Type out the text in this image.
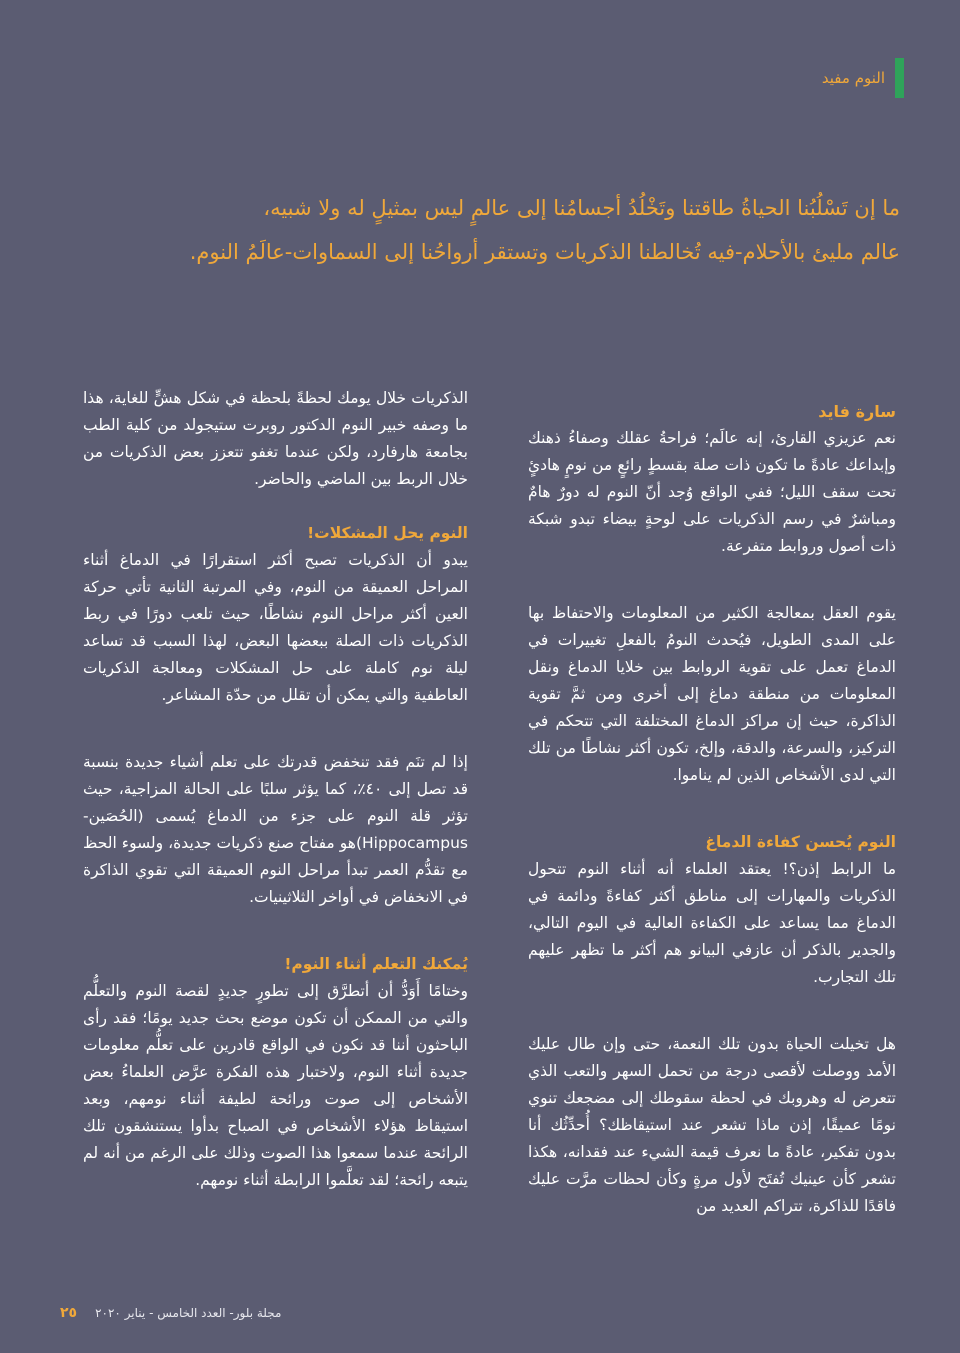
النوم مفيد

ما إن تَسْلُبُنا الحياةُ طاقتنا وتَخْلُدُ أجسامُنا إلى عالمٍ ليس بمثيلٍ له ولا شبيه،

عالم مليئ بالأحلام-فيه تُخالطنا الذكريات وتستقر أرواحُنا إلى السماوات-عالَمُ النوم.

سارة فايد

نعم عزيزي القارئ، إنه عالَم؛ فراحةُ عقلك وصفاءُ ذهنك وإبداعك عادةً ما تكون ذات صلة بقسطٍ رائعٍ من نومٍ هادئٍ تحت سقف الليل؛ ففي الواقع وُجد أنّ النوم له دورٌ هامٌ ومباشرٌ في رسم الذكريات على لوحةٍ بيضاء تبدو شبكة ذات أصول وروابط متفرعة.

يقوم العقل بمعالجة الكثير من المعلومات والاحتفاظ بها على المدى الطويل، فيُحدث النومُ بالفعلِ تغييرات في الدماغ تعمل على تقوية الروابط بين خلايا الدماغ ونقل المعلومات من منطقة دماغ إلى أخرى ومن ثمَّ تقوية الذاكرة، حيث إن مراكز الدماغ المختلفة التي تتحكم في التركيز، والسرعة، والدقة، وإلخ، تكون أكثر نشاطًا من تلك التي لدى الأشخاص الذين لم يناموا.

النوم يُحسن كفاءة الدماغ

ما الرابط إذن؟! يعتقد العلماء أنه أثناء النوم تتحول الذكريات والمهارات إلى مناطق أكثر كفاءةً ودائمة في الدماغ مما يساعد على الكفاءة العالية في اليوم التالي، والجدير بالذكر أن عازفي البيانو هم أكثر ما تظهر عليهم تلك التجارب.

هل تخيلت الحياة بدون تلك النعمة، حتى وإن طال عليك الأمد ووصلت لأقصى درجة من تحمل السهر والتعب الذي تتعرض له وهروبك في لحظة سقوطك إلى مضجعك تنوي نومًا عميقًا، إذن ماذا تشعر عند استيقاظك؟ أُحدِّثُك أنا بدون تفكير، عادةً ما نعرف قيمة الشيء عند فقدانه، هكذا تشعر كأن عينيك تُفتَح لأول مرةٍ وكأن لحظات مرَّت عليك فاقدًا للذاكرة، تتراكم العديد من

الذكريات خلال يومك لحظةً بلحظة في شكل هشٍّ للغاية، هذا ما وصفه خبير النوم الدكتور روبرت ستيجولد من كلية الطب بجامعة هارفارد، ولكن عندما تغفو تتعزز بعض الذكريات من خلال الربط بين الماضي والحاضر.

النوم يحل المشكلات!

يبدو أن الذكريات تصبح أكثر استقرارًا في الدماغ أثناء المراحل العميقة من النوم، وفي المرتبة الثانية تأتي حركة العين أكثر مراحل النوم نشاطًا، حيث تلعب دورًا في ربط الذكريات ذات الصلة ببعضها البعض، لهذا السبب قد تساعد ليلة نوم كاملة على حل المشكلات ومعالجة الذكريات العاطفية والتي يمكن أن تقلل من حدّة المشاعر.

إذا لم تنَم فقد تنخفض قدرتك على تعلم أشياء جديدة بنسبة قد تصل إلى ٤٠٪، كما يؤثر سلبًا على الحالة المزاجية، حيث تؤثر قلة النوم على جزء من الدماغ يُسمى (الحُصَين- Hippocampus)هو مفتاح صنع ذكريات جديدة، ولسوء الحظ مع تقدُّم العمر تبدأ مراحل النوم العميقة التي تقوي الذاكرة في الانخفاض في أواخر الثلاثينيات.

يُمكنك التعلم أثناء النوم!

وختامًا أَوَدُّ أن أتطرَّق إلى تطورٍ جديدٍ لقصة النوم والتعلُّم والتي من الممكن أن تكون موضع بحث جديد يومًا؛ فقد رأى الباحثون أننا قد نكون في الواقع قادرين على تعلُّم معلومات جديدة أثناء النوم، ولاختبار هذه الفكرة عرَّض العلماءُ بعض الأشخاص إلى صوت ورائحة لطيفة أثناء نومهم، وبعد استيقاظ هؤلاء الأشخاص في الصباح بدأوا يستنشقون تلك الرائحة عندما سمعوا هذا الصوت وذلك على الرغم من أنه لم يتبعه رائحة؛ لقد تعلَّموا الرابطة أثناء نومهم.

٢٥ مجلة بلور- العدد الخامس - يناير ٢٠٢٠
